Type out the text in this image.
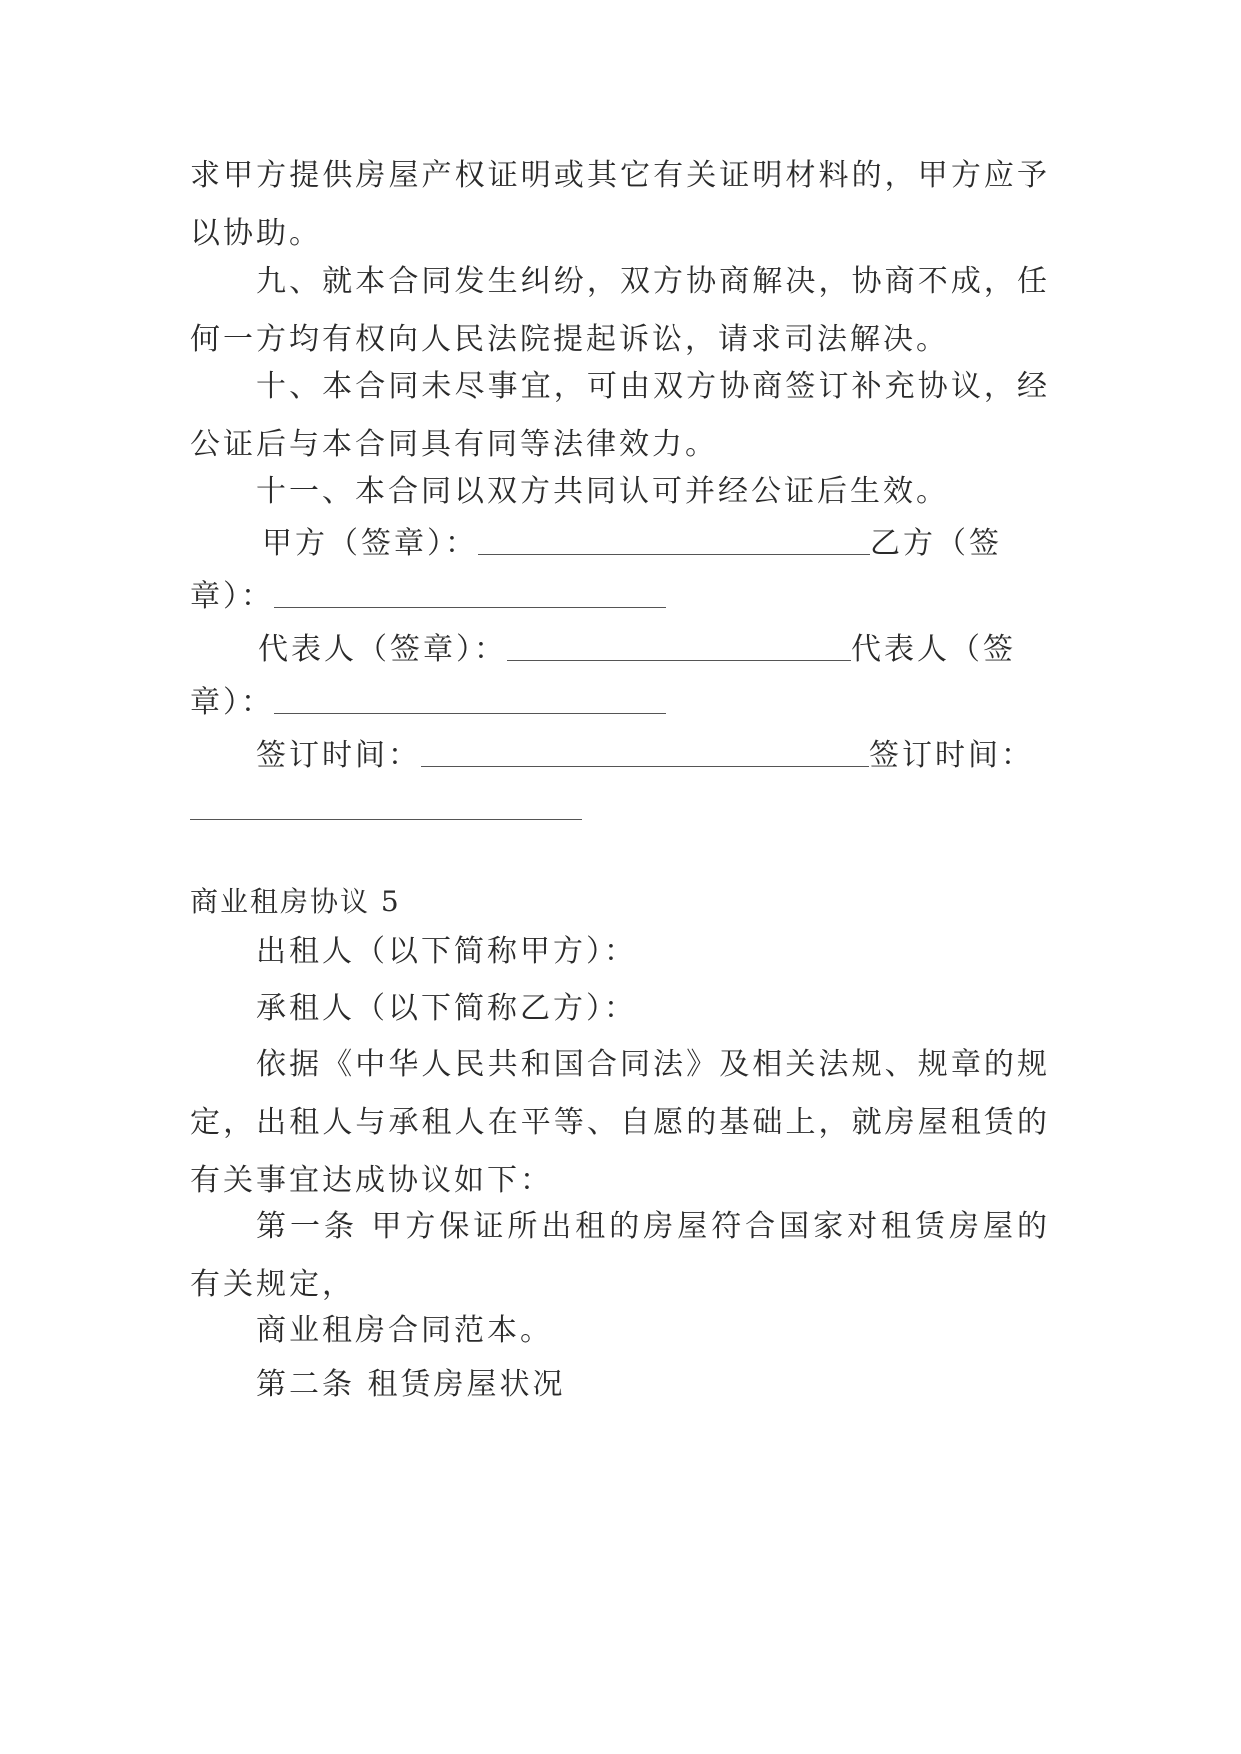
求甲方提供房屋产权证明或其它有关证明材料的，甲方应予以协助。

九、就本合同发生纠纷，双方协商解决，协商不成，任何一方均有权向人民法院提起诉讼，请求司法解决。

十、本合同未尽事宜，可由双方协商签订补充协议，经公证后与本合同具有同等法律效力。

十一、本合同以双方共同认可并经公证后生效。

甲方（签章）：	乙方（签

章）：

代表人（签章）：	代表人（签

章）：

签订时间：	签订时间：

商业租房协议 5

出租人（以下简称甲方）：

承租人（以下简称乙方）：

依据《中华人民共和国合同法》及相关法规、规章的规定，出租人与承租人在平等、自愿的基础上，就房屋租赁的有关事宜达成协议如下：

第一条 甲方保证所出租的房屋符合国家对租赁房屋的有关规定，

商业租房合同范本。

第二条 租赁房屋状况
